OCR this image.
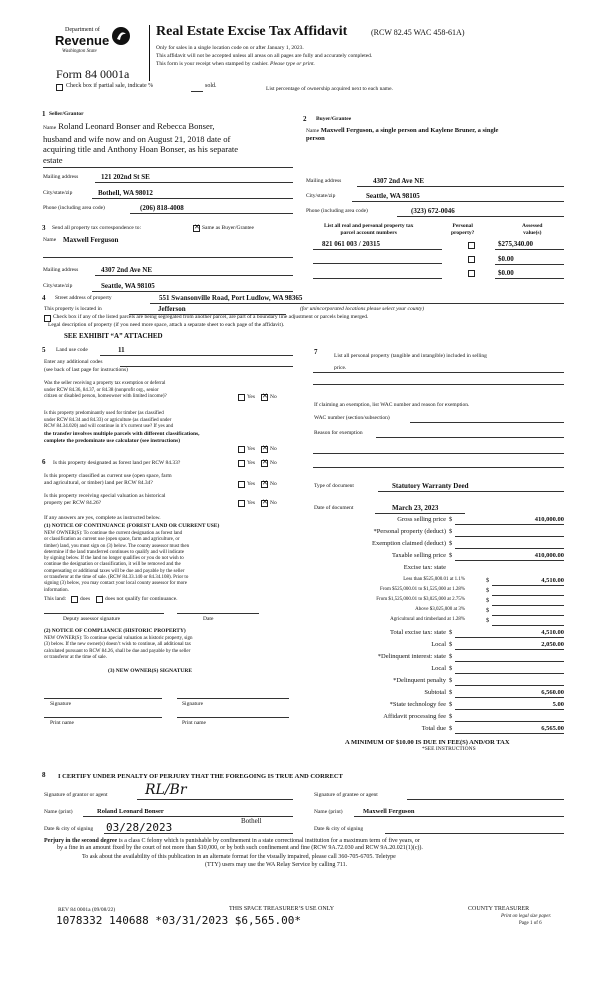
Department of
Revenue
Washington State
Form 84 0001a
Check box if partial sale, indicate %	sold.
Real Estate Excise Tax Affidavit	(RCW 82.45 WAC 458-61A)
Only for sales in a single location code on or after January 1, 2023.
This affidavit will not be accepted unless all areas on all pages are fully and accurately completed.
This form is your receipt when stamped by cashier. Please type or print.
List percentage of ownership acquired next to each name.
1 Seller/Grantor
Name Roland Leonard Bonser and Rebecca Bonser,
husband and wife now and on August 21, 2018 date of
acquiring title and Anthony Hoan Bonser, as his separate
estate
Mailing address	121 202nd St SE
City/state/zip	Bothell, WA 98012
Phone (including area code)	(206) 818-4008
2 Buyer/Grantee
Name Maxwell Ferguson, a single person and Kaylene Bruner, a single
person
Mailing address	4307 2nd Ave NE
City/state/zip	Seattle, WA 98105
Phone (including area code)	(323) 672-0046
3 Send all property tax correspondence to: ✕	Same as Buyer/Grantee
Name Maxwell Ferguson
Mailing address	4307 2nd Ave NE
City/state/zip	Seattle, WA 98105
List all real and personal property tax
parcel account numbers
Personal
property?
Assessed
value(s)
821 061 003 / 20315	$275,340.00
$0.00
$0.00
4 Street address of property	551 Swansonville Road, Port Ludlow, WA 98365
This property is located in	Jefferson	(for unincorporated locations please select your county)
Check box if any of the listed parcels are being segregated from another parcel, are part of a boundary line adjustment or parcels being merged.
Legal description of property (if you need more space, attach a separate sheet to each page of the affidavit).
SEE EXHIBIT “A” ATTACHED
5 Land use code	11
Enter any additional codes
(see back of last page for instructions)
Was the seller receiving a property tax exemption or deferral
under RCW 84.36, 84.37, or 84.38 (nonprofit org., senior
citizen or disabled person, homeowner with limited income)?	Yes ✕	No
Is this property predominantly used for timber (as classified
under RCW 84.34 and 84.33) or agriculture (as classified under
RCW 84.34.020) and will continue in it’s current use? If yes and
the transfer involves multiple parcels with different classifications,
complete the predominate use calculator (see instructions)
Yes ✕	No
6 Is this property designated as forest land per RCW 84.33?	Yes ✕	No
Is this property classified as current use (open space, farm
and agricultural, or timber) land per RCW 84.34?	Yes ✕	No
Is this property receiving special valuation as historical
property per RCW 84.26?	Yes ✕	No
If any answers are yes, complete as instructed below.
(1) NOTICE OF CONTINUANCE (FOREST LAND OR CURRENT USE)
NEW OWNER(S): To continue the current designation as forest land
or classification as current use (open space, farm and agriculture, or
timber) land, you must sign on (3) below. The county assessor must then
determine if the land transferred continues to qualify and will indicate
by signing below. If the land no longer qualifies or you do not wish to
continue the designation or classification, it will be removed and the
compensating or additional taxes will be due and payable by the seller
or transferor at the time of sale. (RCW 84.33.140 or 84.34.108). Prior to
signing (3) below, you may contact your local county assessor for more
information.
This land:	does	does not qualify for continuance.
Deputy assessor signature	Date
(2) NOTICE OF COMPLIANCE (HISTORIC PROPERTY)
NEW OWNER(S): To continue special valuation as historic property, sign
(3) below. If the new owner(s) doesn’t wish to continue, all additional tax
calculated pursuant to RCW 84.26, shall be due and payable by the seller
or transferor at the time of sale.
(3) NEW OWNER(S) SIGNATURE
Signature	Signature
Print name	Print name
7	List all personal property (tangible and intangible) included in selling
price.
If claiming an exemption, list WAC number and reason for exemption.
WAC number (section/subsection)
Reason for exemption
Type of document	Statutory Warranty Deed
Date of document	March 23, 2023
Gross selling price $	410,000.00
*Personal property (deduct) $
Exemption claimed (deduct) $
Taxable selling price $	410,000.00
Excise tax: state
Less than $525,000.01 at 1.1%	$	4,510.00
From $525,000.01 to $1,525,000 at 1.28%	$
From $1,525,000.01 to $3,025,000 at 2.75%	$
Above $3,025,000 at 3%	$
Agricultural and timberland at 1.28%	$
Total excise tax: state $	4,510.00
Local $	2,050.00
*Delinquent interest: state $
Local $
*Delinquent penalty $
Subtotal $	6,560.00
*State technology fee $	5.00
Affidavit processing fee $
Total due $	6,565.00
A MINIMUM OF $10.00 IS DUE IN FEE(S) AND/OR TAX
*SEE INSTRUCTIONS
8 I CERTIFY UNDER PENALTY OF PERJURY THAT THE FOREGOING IS TRUE AND CORRECT
Signature of grantor or agent	RL/Br	Signature of grantee or agent
Name (print)	Roland Leonard Bonser
Bothell
Name (print)	Maxwell Ferguson
Date & city of signing 03/28/2023	Date & city of signing
Perjury in the second degree is a class C felony which is punishable by confinement in a state correctional institution for a maximum term of five years, or
by a fine in an amount fixed by the court of not more than $10,000, or by both such confinement and fine (RCW 9A.72.030 and RCW 9A.20.021(1)(c)).
To ask about the availability of this publication in an alternate format for the visually impaired, please call 360-705-6705. Teletype
(TTY) users may use the WA Relay Service by calling 711.
REV 84 0001a (09/08/22)	THIS SPACE TREASURER’S USE ONLY	COUNTY TREASURER
Print on legal size paper.
Page 1 of 6
1078332 140688 *03/31/2023 $6,565.00*
